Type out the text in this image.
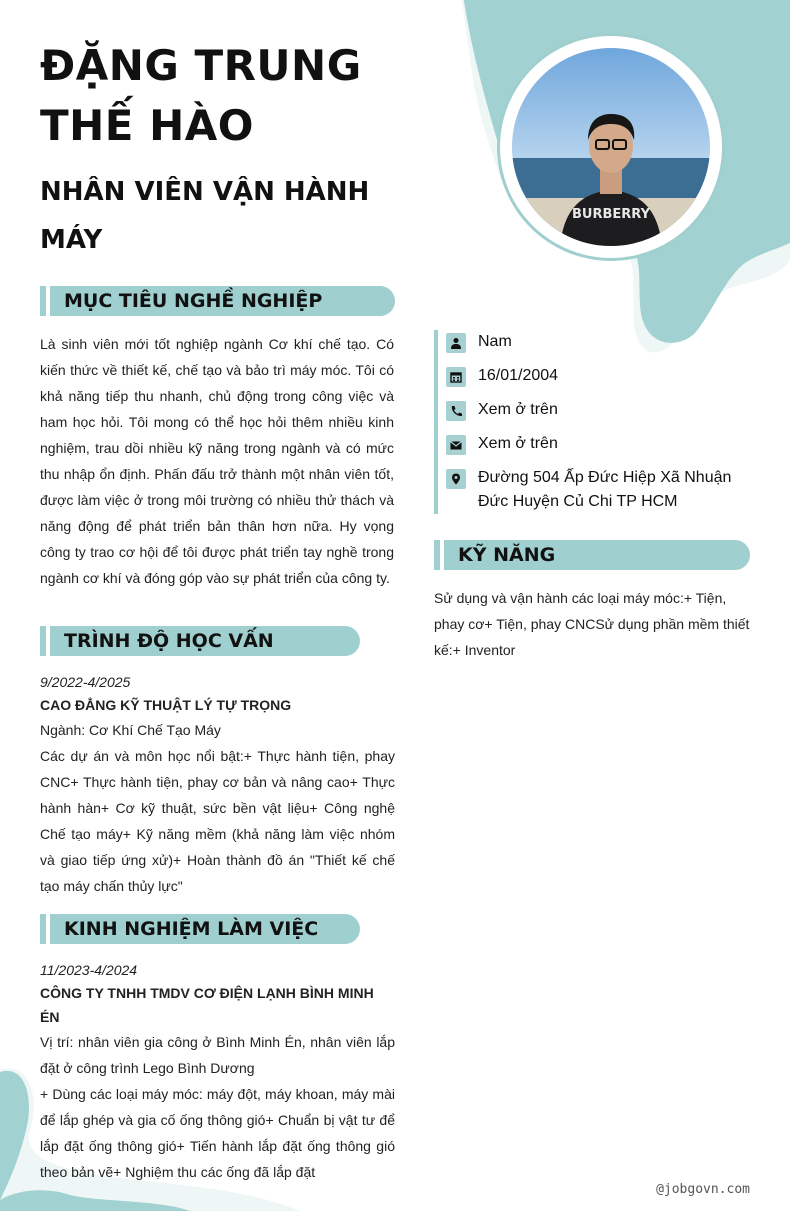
ĐẶNG TRUNG
THẾ HÀO
NHÂN VIÊN VẬN HÀNH
MÁY
BURBERRY
MỤC TIÊU NGHỀ NGHIỆP
Là sinh viên mới tốt nghiệp ngành Cơ khí chế tạo. Có kiến thức về thiết kế, chế tạo và bảo trì máy móc. Tôi có khả năng tiếp thu nhanh, chủ động trong công việc và ham học hỏi. Tôi mong có thể học hỏi thêm nhiều kinh nghiệm, trau dồi nhiều kỹ năng trong ngành và có mức thu nhập ổn định. Phấn đấu trở thành một nhân viên tốt, được làm việc ở trong môi trường có nhiều thử thách và năng động để phát triển bản thân hơn nữa. Hy vọng công ty trao cơ hội để tôi được phát triển tay nghề trong ngành cơ khí và đóng góp vào sự phát triển của công ty.
Nam
16/01/2004
Xem ở trên
Xem ở trên
Đường 504 Ấp Đức Hiệp Xã Nhuận Đức Huyện Củ Chi TP HCM
KỸ NĂNG
Sử dụng và vận hành các loại máy móc:+ Tiện, phay cơ+ Tiện, phay CNCSử dụng phần mềm thiết kế:+ Inventor
TRÌNH ĐỘ HỌC VẤN
9/2022-4/2025
CAO ĐẲNG KỸ THUẬT LÝ TỰ TRỌNG
Ngành: Cơ Khí Chế Tạo Máy
Các dự án và môn học nổi bật:+ Thực hành tiện, phay CNC+ Thực hành tiện, phay cơ bản và nâng cao+ Thực hành hàn+ Cơ kỹ thuật, sức bền vật liệu+ Công nghệ Chế tạo máy+ Kỹ năng mềm (khả năng làm việc nhóm và giao tiếp ứng xử)+ Hoàn thành đồ án "Thiết kế chế tạo máy chấn thủy lực"
KINH NGHIỆM LÀM VIỆC
11/2023-4/2024
CÔNG TY TNHH TMDV CƠ ĐIỆN LẠNH BÌNH MINH ÉN
Vị trí: nhân viên gia công ở Bình Minh Én, nhân viên lắp đặt ở công trình Lego Bình Dương
+ Dùng các loại máy móc: máy đột, máy khoan, máy mài để lắp ghép và gia cố ống thông gió+ Chuẩn bị vật tư để lắp đặt ống thông gió+ Tiến hành lắp đặt ống thông gió theo bản vẽ+ Nghiệm thu các ống đã lắp đặt
@jobgovn.com
